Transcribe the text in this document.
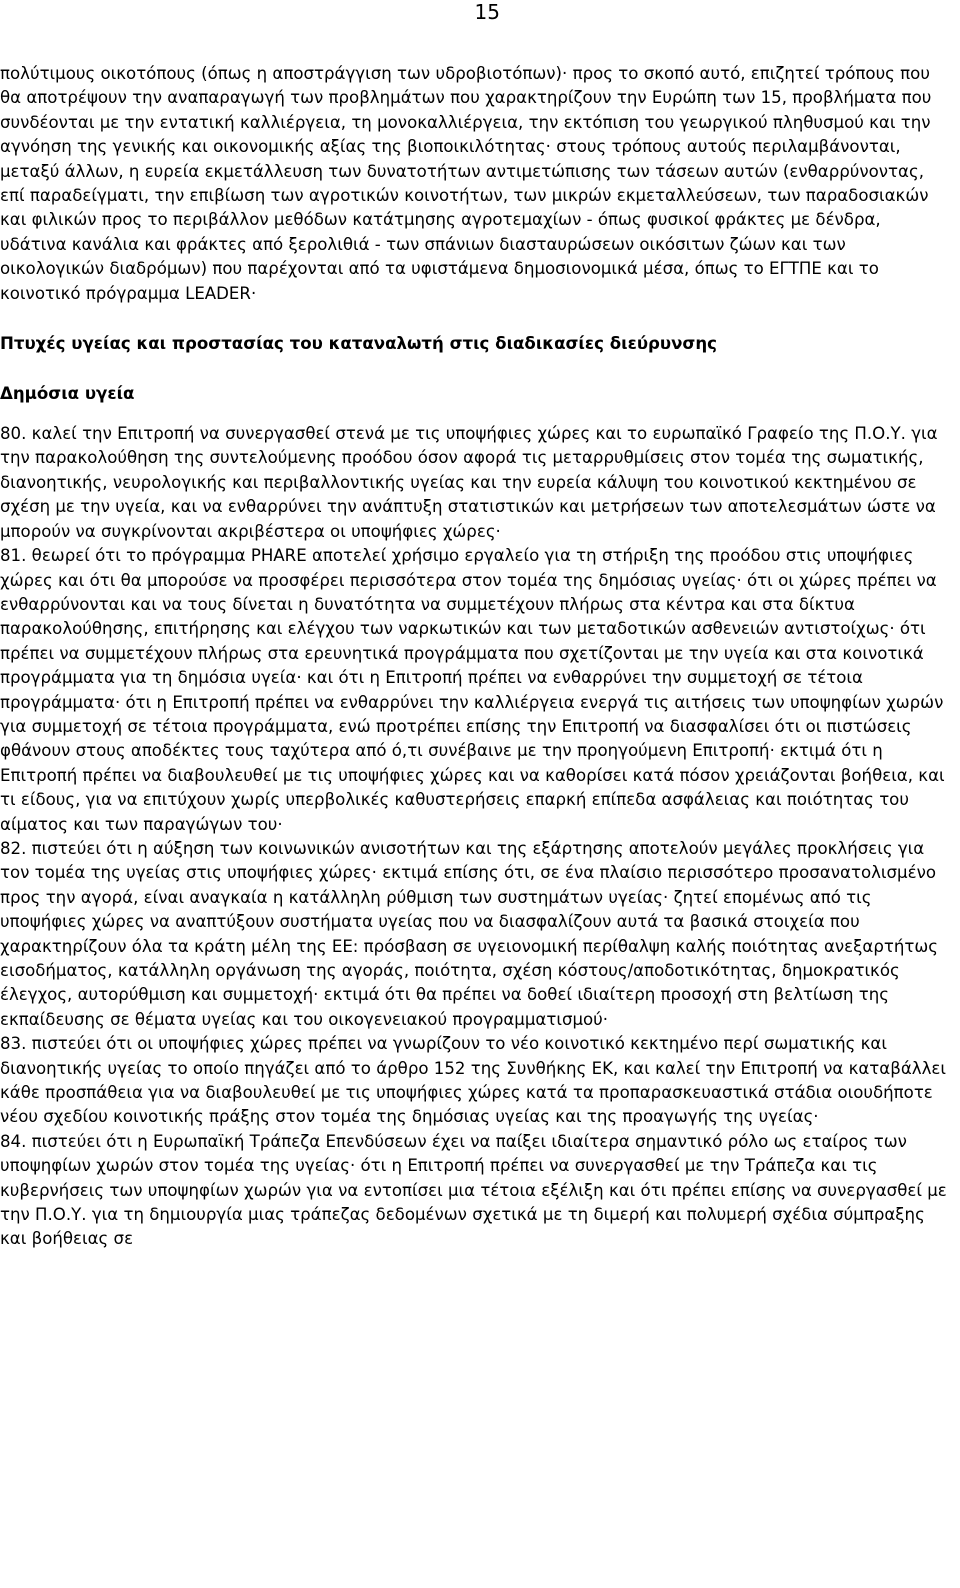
15

πολύτιμους οικοτόπους (όπως η αποστράγγιση των υδροβιοτόπων)· προς το σκοπό αυτό, επιζητεί τρόπους που θα αποτρέψουν την αναπαραγωγή των προβλημάτων που χαρακτηρίζουν την Ευρώπη των 15, προβλήματα που συνδέονται με την εντατική καλλιέργεια, τη μονοκαλλιέργεια, την εκτόπιση του γεωργικού πληθυσμού και την αγνόηση της γενικής και οικονομικής αξίας της βιοποικιλότητας· στους τρόπους αυτούς περιλαμβάνονται, μεταξύ άλλων, η ευρεία εκμετάλλευση των δυνατοτήτων αντιμετώπισης των τάσεων αυτών (ενθαρρύνοντας, επί παραδείγματι, την επιβίωση των αγροτικών κοινοτήτων, των μικρών εκμεταλλεύσεων, των παραδοσιακών και φιλικών προς το περιβάλλον μεθόδων κατάτμησης αγροτεμαχίων - όπως φυσικοί φράκτες με δένδρα, υδάτινα κανάλια και φράκτες από ξερολιθιά - των σπάνιων διασταυρώσεων οικόσιτων ζώων και των οικολογικών διαδρόμων) που παρέχονται από τα υφιστάμενα δημοσιονομικά μέσα, όπως το ΕΓΤΠΕ και το κοινοτικό πρόγραμμα LEADER·

Πτυχές υγείας και προστασίας του καταναλωτή στις διαδικασίες διεύρυνσης

Δημόσια υγεία

80. καλεί την Επιτροπή να συνεργασθεί στενά με τις υποψήφιες χώρες και το ευρωπαϊκό Γραφείο της Π.Ο.Υ. για την παρακολούθηση της συντελούμενης προόδου όσον αφορά τις μεταρρυθμίσεις στον τομέα της σωματικής, διανοητικής, νευρολογικής και περιβαλλοντικής υγείας και την ευρεία κάλυψη του κοινοτικού κεκτημένου σε σχέση με την υγεία, και να ενθαρρύνει την ανάπτυξη στατιστικών και μετρήσεων των αποτελεσμάτων ώστε να μπορούν να συγκρίνονται ακριβέστερα οι υποψήφιες χώρες·

81. θεωρεί ότι το πρόγραμμα PHARE αποτελεί χρήσιμο εργαλείο για τη στήριξη της προόδου στις υποψήφιες χώρες και ότι θα μπορούσε να προσφέρει περισσότερα στον τομέα της δημόσιας υγείας· ότι οι χώρες πρέπει να ενθαρρύνονται και να τους δίνεται η δυνατότητα να συμμετέχουν πλήρως στα κέντρα και στα δίκτυα παρακολούθησης, επιτήρησης και ελέγχου των ναρκωτικών και των μεταδοτικών ασθενειών αντιστοίχως· ότι πρέπει να συμμετέχουν πλήρως στα ερευνητικά προγράμματα που σχετίζονται με την υγεία και στα κοινοτικά προγράμματα για τη δημόσια υγεία· και ότι η Επιτροπή πρέπει να ενθαρρύνει την συμμετοχή σε τέτοια προγράμματα· ότι η Επιτροπή πρέπει να ενθαρρύνει την καλλιέργεια ενεργά τις αιτήσεις των υποψηφίων χωρών για συμμετοχή σε τέτοια προγράμματα, ενώ προτρέπει επίσης την Επιτροπή να διασφαλίσει ότι οι πιστώσεις φθάνουν στους αποδέκτες τους ταχύτερα από ό,τι συνέβαινε με την προηγούμενη Επιτροπή· εκτιμά ότι η Επιτροπή πρέπει να διαβουλευθεί με τις υποψήφιες χώρες και να καθορίσει κατά πόσον χρειάζονται βοήθεια, και τι είδους, για να επιτύχουν χωρίς υπερβολικές καθυστερήσεις επαρκή επίπεδα ασφάλειας και ποιότητας του αίματος και των παραγώγων του·

82. πιστεύει ότι η αύξηση των κοινωνικών ανισοτήτων και της εξάρτησης αποτελούν μεγάλες προκλήσεις για τον τομέα της υγείας στις υποψήφιες χώρες· εκτιμά επίσης ότι, σε ένα πλαίσιο περισσότερο προσανατολισμένο προς την αγορά, είναι αναγκαία η κατάλληλη ρύθμιση των συστημάτων υγείας· ζητεί επομένως από τις υποψήφιες χώρες να αναπτύξουν συστήματα υγείας που να διασφαλίζουν αυτά τα βασικά στοιχεία που χαρακτηρίζουν όλα τα κράτη μέλη της ΕΕ: πρόσβαση σε υγειονομική περίθαλψη καλής ποιότητας ανεξαρτήτως εισοδήματος, κατάλληλη οργάνωση της αγοράς, ποιότητα, σχέση κόστους/αποδοτικότητας, δημοκρατικός έλεγχος, αυτορύθμιση και συμμετοχή· εκτιμά ότι θα πρέπει να δοθεί ιδιαίτερη προσοχή στη βελτίωση της εκπαίδευσης σε θέματα υγείας και του οικογενειακού προγραμματισμού·

83. πιστεύει ότι οι υποψήφιες χώρες πρέπει να γνωρίζουν το νέο κοινοτικό κεκτημένο περί σωματικής και διανοητικής υγείας το οποίο πηγάζει από το άρθρο 152 της Συνθήκης ΕΚ, και καλεί την Επιτροπή να καταβάλλει κάθε προσπάθεια για να διαβουλευθεί με τις υποψήφιες χώρες κατά τα προπαρασκευαστικά στάδια οιουδήποτε νέου σχεδίου κοινοτικής πράξης στον τομέα της δημόσιας υγείας και της προαγωγής της υγείας·

84. πιστεύει ότι η Ευρωπαϊκή Τράπεζα Επενδύσεων έχει να παίξει ιδιαίτερα σημαντικό ρόλο ως εταίρος των υποψηφίων χωρών στον τομέα της υγείας· ότι η Επιτροπή πρέπει να συνεργασθεί με την Τράπεζα και τις κυβερνήσεις των υποψηφίων χωρών για να εντοπίσει μια τέτοια εξέλιξη και ότι πρέπει επίσης να συνεργασθεί με την Π.Ο.Υ. για τη δημιουργία μιας τράπεζας δεδομένων σχετικά με τη διμερή και πολυμερή σχέδια σύμπραξης και βοήθειας σε
